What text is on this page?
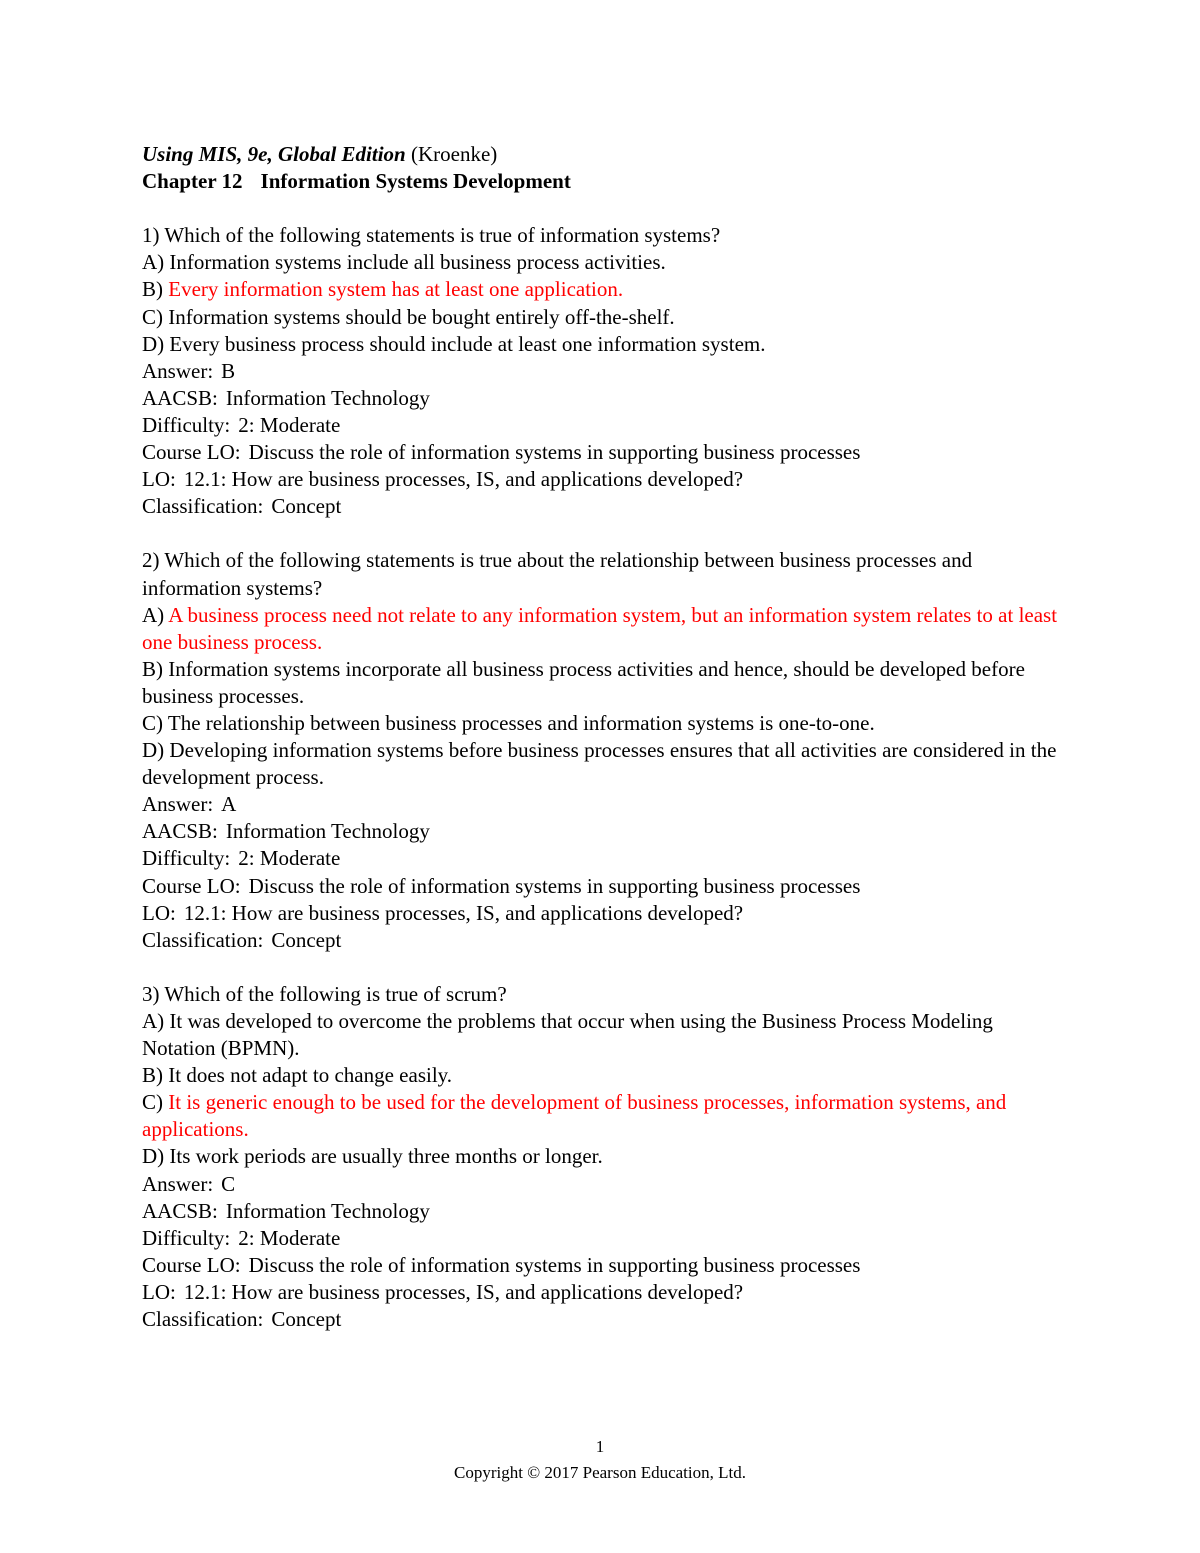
Using MIS, 9e, Global Edition (Kroenke)

Chapter 12 Information Systems Development

1) Which of the following statements is true of information systems?

A) Information systems include all business process activities.

B) Every information system has at least one application.

C) Information systems should be bought entirely off-the-shelf.

D) Every business process should include at least one information system.

Answer: B

AACSB: Information Technology

Difficulty: 2: Moderate

Course LO: Discuss the role of information systems in supporting business processes

LO: 12.1: How are business processes, IS, and applications developed?

Classification: Concept

2) Which of the following statements is true about the relationship between business processes and information systems?

A) A business process need not relate to any information system, but an information system relates to at least one business process.

B) Information systems incorporate all business process activities and hence, should be developed before business processes.

C) The relationship between business processes and information systems is one-to-one.

D) Developing information systems before business processes ensures that all activities are considered in the development process.

Answer: A

AACSB: Information Technology

Difficulty: 2: Moderate

Course LO: Discuss the role of information systems in supporting business processes

LO: 12.1: How are business processes, IS, and applications developed?

Classification: Concept

3) Which of the following is true of scrum?

A) It was developed to overcome the problems that occur when using the Business Process Modeling Notation (BPMN).

B) It does not adapt to change easily.

C) It is generic enough to be used for the development of business processes, information systems, and applications.

D) Its work periods are usually three months or longer.

Answer: C

AACSB: Information Technology

Difficulty: 2: Moderate

Course LO: Discuss the role of information systems in supporting business processes

LO: 12.1: How are business processes, IS, and applications developed?

Classification: Concept

1
Copyright © 2017 Pearson Education, Ltd.
